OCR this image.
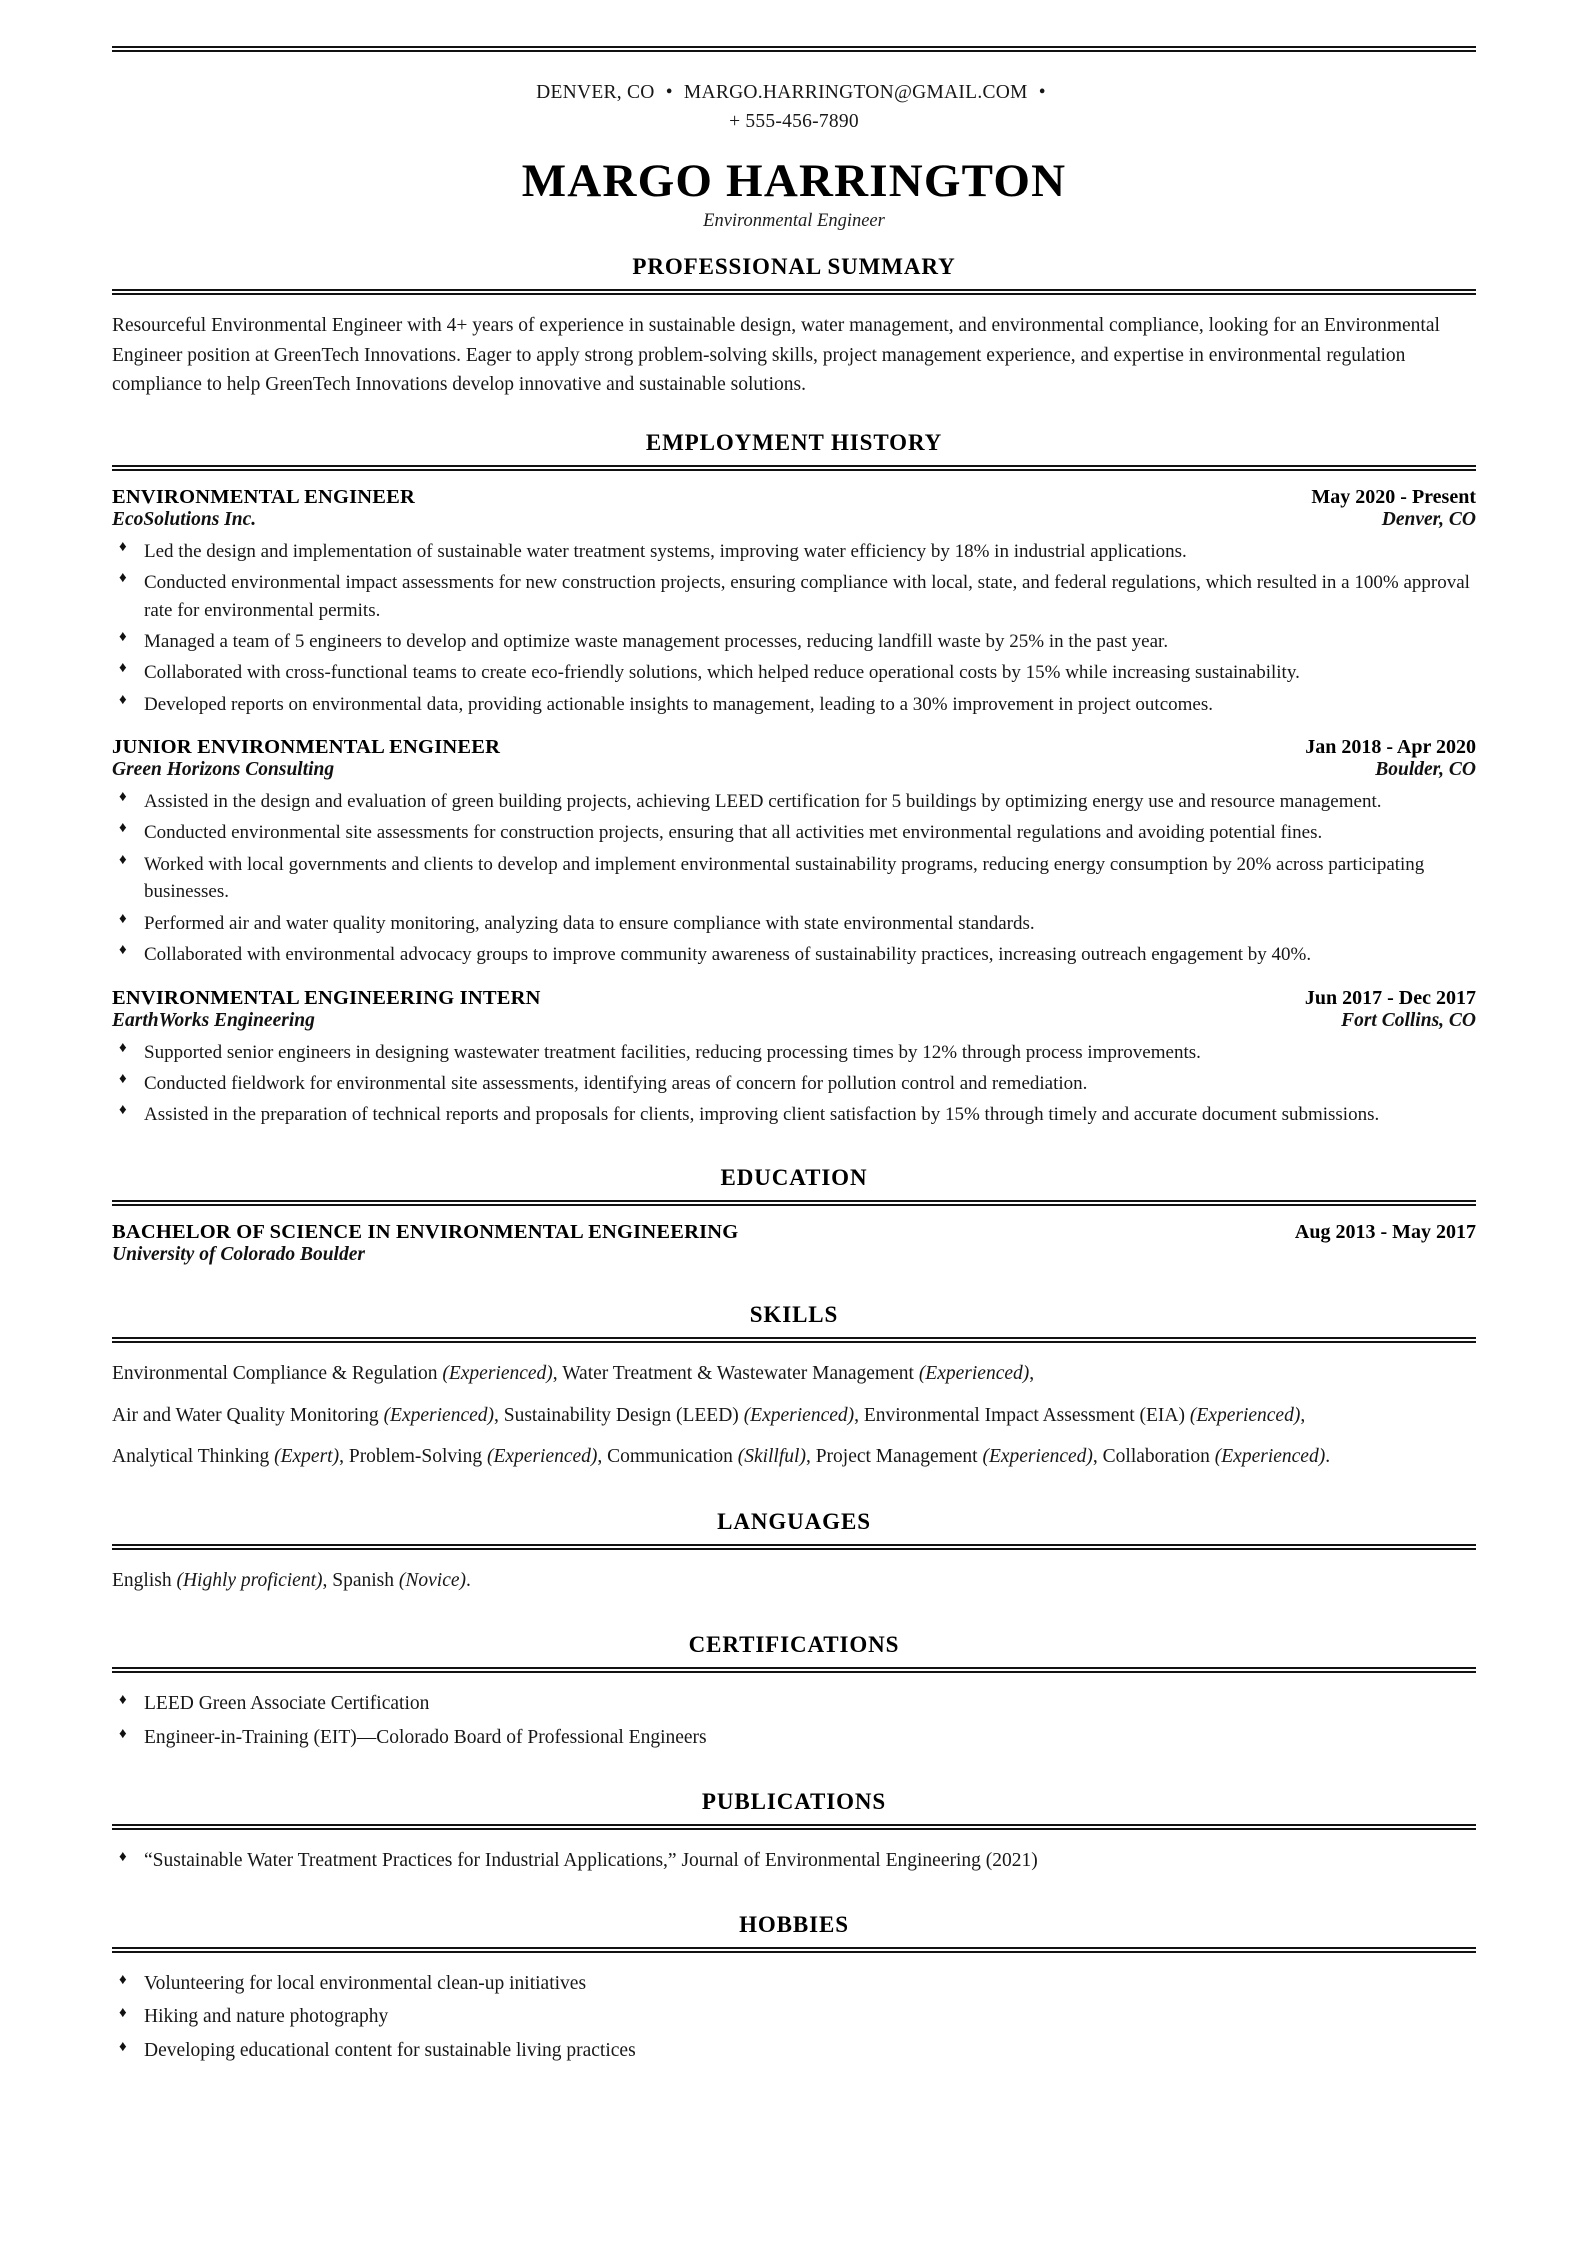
DENVER, CO • MARGO.HARRINGTON@GMAIL.COM •
+ 555-456-7890
MARGO HARRINGTON
Environmental Engineer
PROFESSIONAL SUMMARY
Resourceful Environmental Engineer with 4+ years of experience in sustainable design, water management, and environmental compliance, looking for an Environmental Engineer position at GreenTech Innovations. Eager to apply strong problem-solving skills, project management experience, and expertise in environmental regulation compliance to help GreenTech Innovations develop innovative and sustainable solutions.
EMPLOYMENT HISTORY
ENVIRONMENTAL ENGINEER	May 2020 - Present
EcoSolutions Inc.	Denver, CO
♦ Led the design and implementation of sustainable water treatment systems, improving water efficiency by 18% in industrial applications.
♦ Conducted environmental impact assessments for new construction projects, ensuring compliance with local, state, and federal regulations, which resulted in a 100% approval rate for environmental permits.
♦ Managed a team of 5 engineers to develop and optimize waste management processes, reducing landfill waste by 25% in the past year.
♦ Collaborated with cross-functional teams to create eco-friendly solutions, which helped reduce operational costs by 15% while increasing sustainability.
♦ Developed reports on environmental data, providing actionable insights to management, leading to a 30% improvement in project outcomes.
JUNIOR ENVIRONMENTAL ENGINEER	Jan 2018 - Apr 2020
Green Horizons Consulting	Boulder, CO
♦ Assisted in the design and evaluation of green building projects, achieving LEED certification for 5 buildings by optimizing energy use and resource management.
♦ Conducted environmental site assessments for construction projects, ensuring that all activities met environmental regulations and avoiding potential fines.
♦ Worked with local governments and clients to develop and implement environmental sustainability programs, reducing energy consumption by 20% across participating businesses.
♦ Performed air and water quality monitoring, analyzing data to ensure compliance with state environmental standards.
♦ Collaborated with environmental advocacy groups to improve community awareness of sustainability practices, increasing outreach engagement by 40%.
ENVIRONMENTAL ENGINEERING INTERN	Jun 2017 - Dec 2017
EarthWorks Engineering	Fort Collins, CO
♦ Supported senior engineers in designing wastewater treatment facilities, reducing processing times by 12% through process improvements.
♦ Conducted fieldwork for environmental site assessments, identifying areas of concern for pollution control and remediation.
♦ Assisted in the preparation of technical reports and proposals for clients, improving client satisfaction by 15% through timely and accurate document submissions.
EDUCATION
BACHELOR OF SCIENCE IN ENVIRONMENTAL ENGINEERING	Aug 2013 - May 2017
University of Colorado Boulder
SKILLS
Environmental Compliance & Regulation (Experienced), Water Treatment & Wastewater Management (Experienced),
Air and Water Quality Monitoring (Experienced), Sustainability Design (LEED) (Experienced), Environmental Impact Assessment (EIA) (Experienced),
Analytical Thinking (Expert), Problem-Solving (Experienced), Communication (Skillful), Project Management (Experienced), Collaboration (Experienced).
LANGUAGES
English (Highly proficient), Spanish (Novice).
CERTIFICATIONS
♦ LEED Green Associate Certification
♦ Engineer-in-Training (EIT)—Colorado Board of Professional Engineers
PUBLICATIONS
♦ “Sustainable Water Treatment Practices for Industrial Applications,” Journal of Environmental Engineering (2021)
HOBBIES
♦ Volunteering for local environmental clean-up initiatives
♦ Hiking and nature photography
♦ Developing educational content for sustainable living practices
